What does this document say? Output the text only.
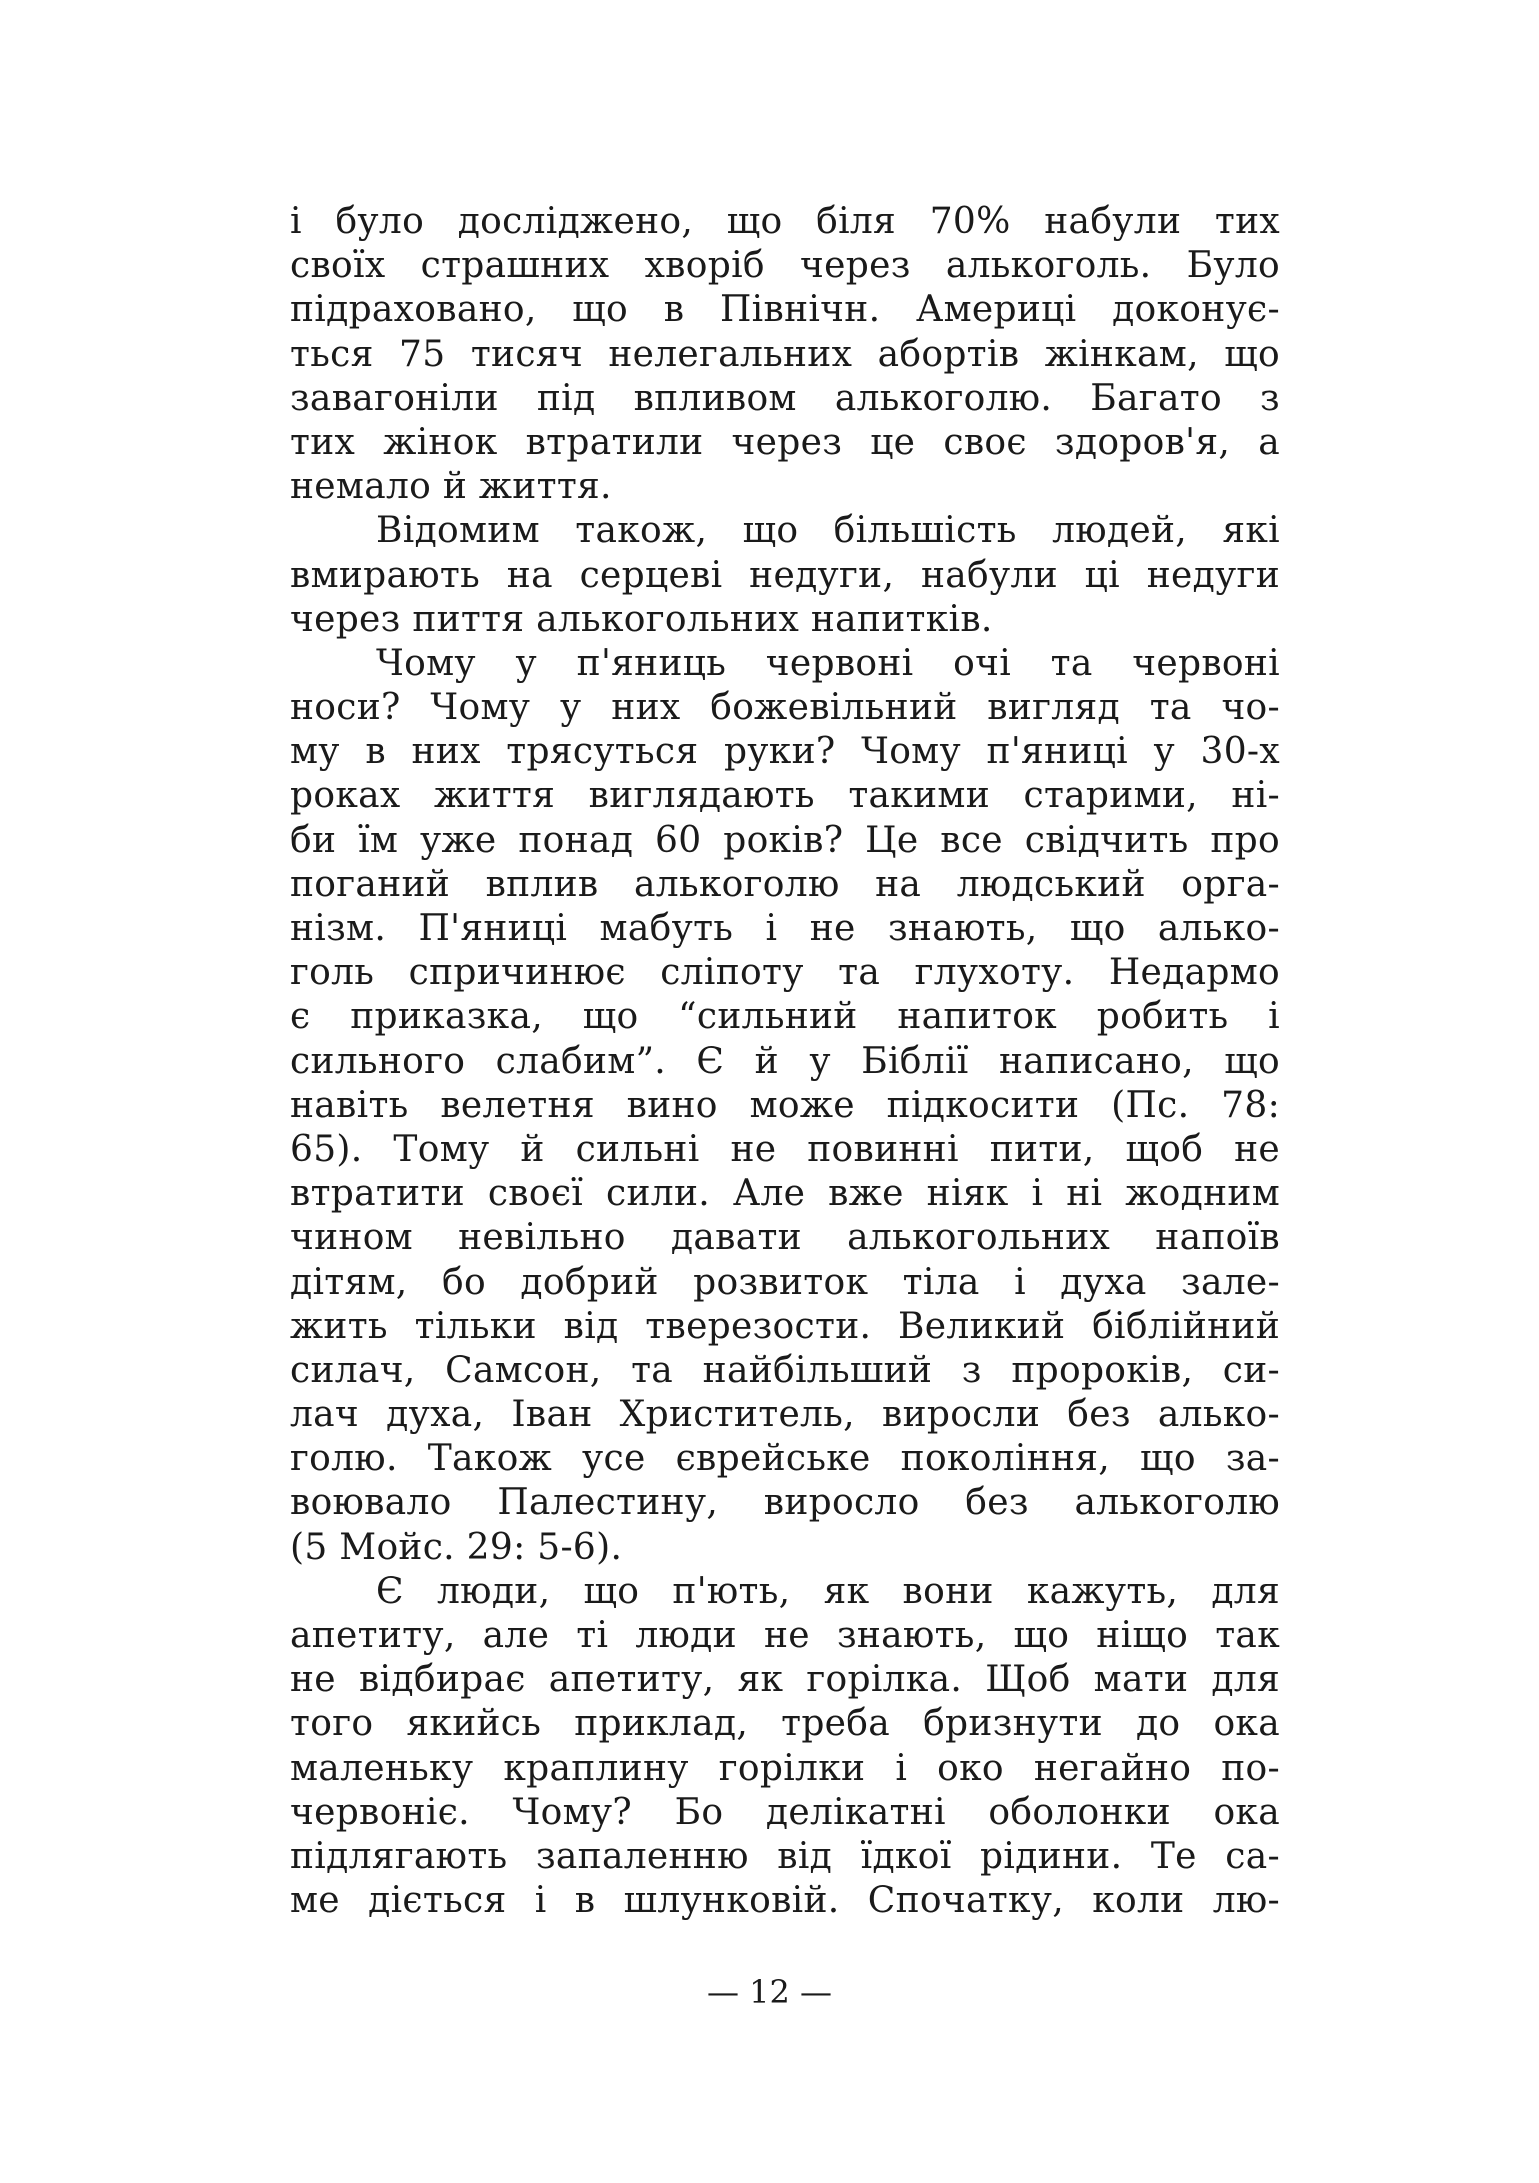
і було досліджено, що біля 70% набули тих
своїх страшних хворіб через алькоголь. Було
підраховано, що в Північн. Америці доконує-
ться 75 тисяч нелегальних абортів жінкам, що
завагоніли під впливом алькоголю. Багато з
тих жінок втратили через це своє здоров'я, а
немало й життя.
Відомим також, що більшість людей, які
вмирають на серцеві недуги, набули ці недуги
через пиття алькогольних напитків.
Чому у п'яниць червоні очі та червоні
носи? Чому у них божевільний вигляд та чо-
му в них трясуться руки? Чому п'яниці у 30-х
роках життя виглядають такими старими, ні-
би їм уже понад 60 років? Це все свідчить про
поганий вплив алькоголю на людський орга-
нізм. П'яниці мабуть і не знають, що алько-
голь спричинює сліпоту та глухоту. Недармо
є приказка, що “сильний напиток робить і
сильного слабим”. Є й у Біблії написано, що
навіть велетня вино може підкосити (Пс. 78:
65). Тому й сильні не повинні пити, щоб не
втратити своєї сили. Але вже ніяк і ні жодним
чином невільно давати алькогольних напоїв
дітям, бо добрий розвиток тіла і духа зале-
жить тільки від тверезости. Великий біблійний
силач, Самсон, та найбільший з пророків, си-
лач духа, Іван Христитель, виросли без алько-
голю. Також усе єврейське покоління, що за-
воювало Палестину, виросло без алькоголю
(5 Мойс. 29: 5-6).
Є люди, що п'ють, як вони кажуть, для
апетиту, але ті люди не знають, що ніщо так
не відбирає апетиту, як горілка. Щоб мати для
того якийсь приклад, треба бризнути до ока
маленьку краплину горілки і око негайно по-
червоніє. Чому? Бо делікатні оболонки ока
підлягають запаленню від їдкої рідини. Те са-
ме діється і в шлунковій. Спочатку, коли лю-
— 12 —
